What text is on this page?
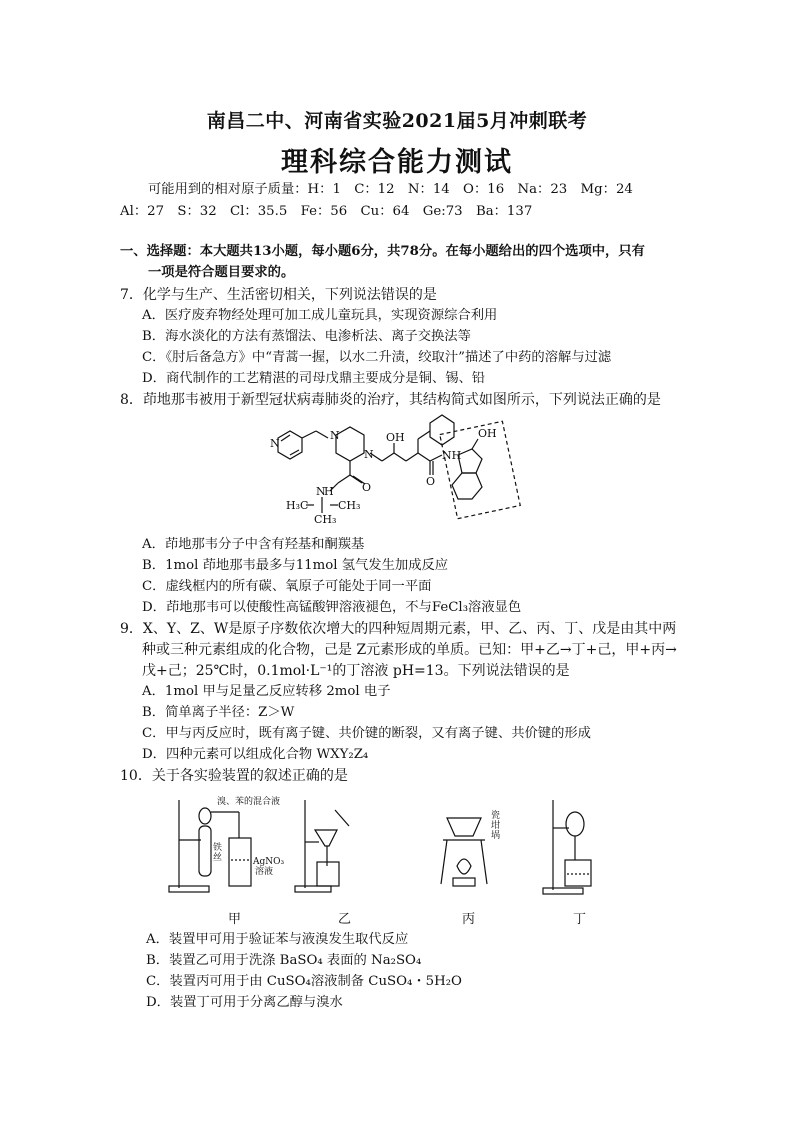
南昌二中、河南省实验2021届5月冲刺联考
理科综合能力测试
可能用到的相对原子质量：H：1　C：12　N：14　O：16　Na：23　Mg：24
Al：27　S：32　Cl：35.5　Fe：56　Cu：64　Ge:73　Ba：137
一、选择题：本大题共13小题，每小题6分，共78分。在每小题给出的四个选项中，只有
一项是符合题目要求的。
7．化学与生产、生活密切相关，下列说法错误的是
A．医疗废弃物经处理可加工成儿童玩具，实现资源综合利用
B．海水淡化的方法有蒸馏法、电渗析法、离子交换法等
C．《肘后备急方》中“青蒿一握，以水二升渍，绞取汁”描述了中药的溶解与过滤
D．商代制作的工艺精湛的司母戊鼎主要成分是铜、锡、铅
8．茚地那韦被用于新型冠状病毒肺炎的治疗，其结构简式如图所示，下列说法正确的是
N
N
N
OH
O
N
H
H₃C	CH₃
CH₃
O
NH
OH
A．茚地那韦分子中含有羟基和酮羰基
B．1mol 茚地那韦最多与11mol 氢气发生加成反应
C．虚线框内的所有碳、氧原子可能处于同一平面
D．茚地那韦可以使酸性高锰酸钾溶液褪色，不与FeCl₃溶液显色
9．X、Y、Z、W是原子序数依次增大的四种短周期元素，甲、乙、丙、丁、戊是由其中两
种或三种元素组成的化合物，己是 Z元素形成的单质。已知：甲+乙→丁+己，甲+丙→
戊+己；25℃时，0.1mol·L⁻¹的丁溶液 pH=13。下列说法错误的是
A．1mol 甲与足量乙反应转移 2mol 电子
B．简单离子半径：Z＞W
C．甲与丙反应时，既有离子键、共价键的断裂，又有离子键、共价键的形成
D．四种元素可以组成化合物 WXY₂Z₄
10．关于各实验装置的叙述正确的是
溴、苯的混合液
铁
丝	AgNO₃
溶液
瓷
坩
埚
甲	乙	丙	丁
A．装置甲可用于验证苯与液溴发生取代反应
B．装置乙可用于洗涤 BaSO₄ 表面的 Na₂SO₄
C．装置丙可用于由 CuSO₄溶液制备 CuSO₄・5H₂O
D．装置丁可用于分离乙醇与溴水
